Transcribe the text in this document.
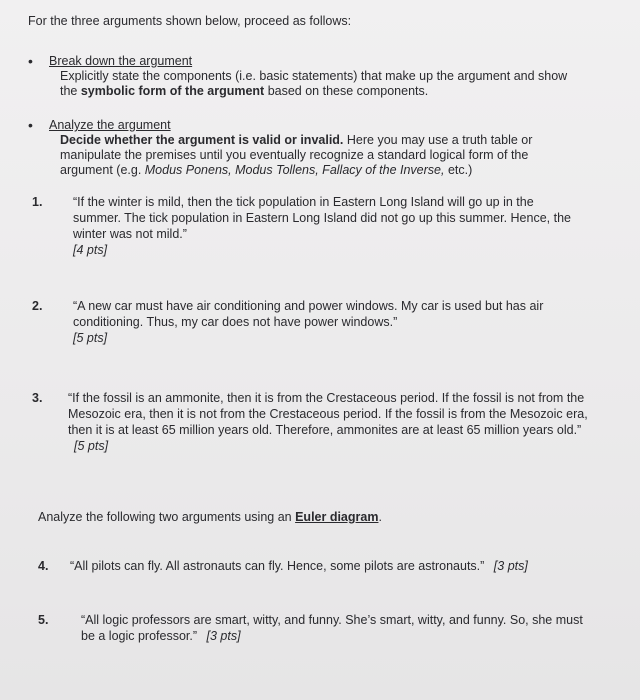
For the three arguments shown below, proceed as follows:
• Break down the argument
Explicitly state the components (i.e. basic statements) that make up the argument and show the symbolic form of the argument based on these components.
• Analyze the argument
Decide whether the argument is valid or invalid. Here you may use a truth table or manipulate the premises until you eventually recognize a standard logical form of the argument (e.g. Modus Ponens, Modus Tollens, Fallacy of the Inverse, etc.)
1. “If the winter is mild, then the tick population in Eastern Long Island will go up in the summer. The tick population in Eastern Long Island did not go up this summer. Hence, the winter was not mild.”
[4 pts]
2. “A new car must have air conditioning and power windows. My car is used but has air conditioning. Thus, my car does not have power windows.”
[5 pts]
3. “If the fossil is an ammonite, then it is from the Crestaceous period. If the fossil is not from the Mesozoic era, then it is not from the Crestaceous period. If the fossil is from the Mesozoic era, then it is at least 65 million years old. Therefore, ammonites are at least 65 million years old.” [5 pts]
Analyze the following two arguments using an Euler diagram.
4. “All pilots can fly. All astronauts can fly. Hence, some pilots are astronauts.” [3 pts]
5.	“All logic professors are smart, witty, and funny. She’s smart, witty, and funny. So, she must be a logic professor.” [3 pts]
